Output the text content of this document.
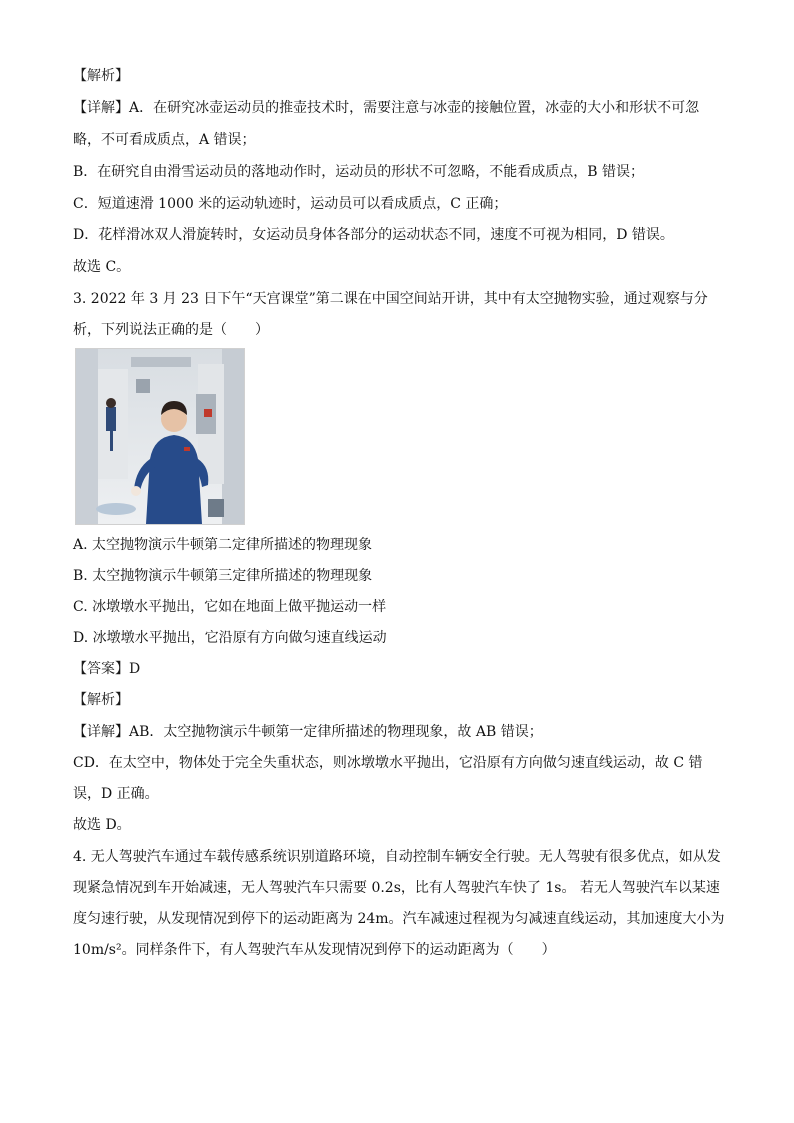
【解析】
【详解】A．在研究冰壶运动员的推壶技术时，需要注意与冰壶的接触位置，冰壶的大小和形状不可忽
略，不可看成质点，A 错误；
B．在研究自由滑雪运动员的落地动作时，运动员的形状不可忽略，不能看成质点，B 错误；
C．短道速滑 1000 米的运动轨迹时，运动员可以看成质点，C 正确；
D．花样滑冰双人滑旋转时，女运动员身体各部分的运动状态不同，速度不可视为相同，D 错误。
故选 C。
3. 2022 年 3 月 23 日下午“天宫课堂”第二课在中国空间站开讲，其中有太空抛物实验，通过观察与分
析，下列说法正确的是（　　）
A. 太空抛物演示牛顿第二定律所描述的物理现象
B. 太空抛物演示牛顿第三定律所描述的物理现象
C. 冰墩墩水平抛出，它如在地面上做平抛运动一样
D. 冰墩墩水平抛出，它沿原有方向做匀速直线运动
【答案】D
【解析】
【详解】AB．太空抛物演示牛顿第一定律所描述的物理现象，故 AB 错误；
CD．在太空中，物体处于完全失重状态，则冰墩墩水平抛出，它沿原有方向做匀速直线运动，故 C 错
误，D 正确。
故选 D。
4. 无人驾驶汽车通过车载传感系统识别道路环境，自动控制车辆安全行驶。无人驾驶有很多优点，如从发
现紧急情况到车开始减速，无人驾驶汽车只需要 0.2s，比有人驾驶汽车快了 1s。 若无人驾驶汽车以某速
度匀速行驶，从发现情况到停下的运动距离为 24m。汽车减速过程视为匀减速直线运动，其加速度大小为
10m/s²。同样条件下，有人驾驶汽车从发现情况到停下的运动距离为（　　）
